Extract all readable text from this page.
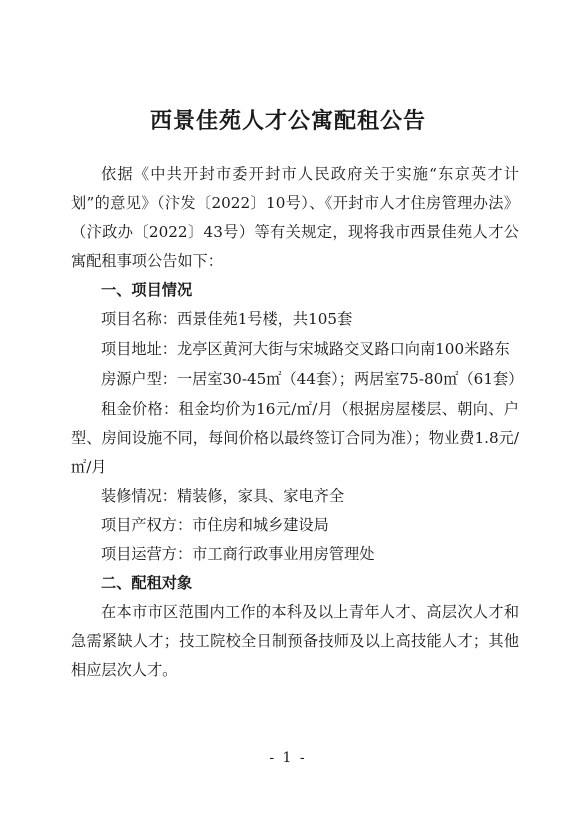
西景佳苑人才公寓配租公告

依据《中共开封市委开封市人民政府关于实施“东京英才计划”的意见》（汴发〔2022〕10号）、《开封市人才住房管理办法》（汴政办〔2022〕43号）等有关规定，现将我市西景佳苑人才公寓配租事项公告如下：

一、项目情况

项目名称：西景佳苑1号楼，共105套

项目地址：龙亭区黄河大街与宋城路交叉路口向南100米路东

房源户型：一居室30-45㎡（44套）；两居室75-80㎡（61套）

租金价格：租金均价为16元/㎡/月（根据房屋楼层、朝向、户型、房间设施不同，每间价格以最终签订合同为准）；物业费1.8元/㎡/月

装修情况：精装修，家具、家电齐全

项目产权方：市住房和城乡建设局

项目运营方：市工商行政事业用房管理处

二、配租对象

在本市市区范围内工作的本科及以上青年人才、高层次人才和急需紧缺人才；技工院校全日制预备技师及以上高技能人才；其他相应层次人才。

- 1 -
